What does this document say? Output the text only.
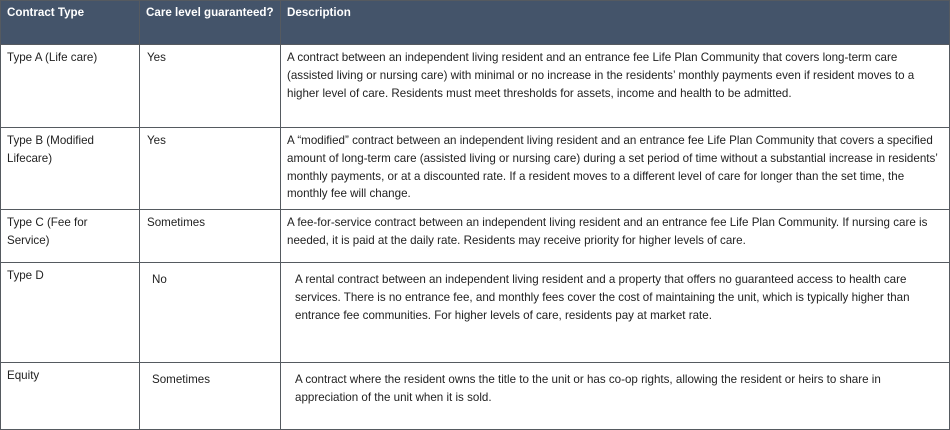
Contract Type	Care level guaranteed?	Description
Type A (Life care)	Yes	A contract between an independent living resident and an entrance fee Life Plan Community that covers long-term care (assisted living or nursing care) with minimal or no increase in the residents’ monthly payments even if resident moves to a higher level of care. Residents must meet thresholds for assets, income and health to be admitted.
Type B (Modified Lifecare)	Yes	A “modified” contract between an independent living resident and an entrance fee Life Plan Community that covers a specified amount of long-term care (assisted living or nursing care) during a set period of time without a substantial increase in residents’ monthly payments, or at a discounted rate. If a resident moves to a different level of care for longer than the set time, the monthly fee will change.
Type C (Fee for Service)	Sometimes	A fee-for-service contract between an independent living resident and an entrance fee Life Plan Community. If nursing care is needed, it is paid at the daily rate. Residents may receive priority for higher levels of care.
Type D	No	A rental contract between an independent living resident and a property that offers no guaranteed access to health care services. There is no entrance fee, and monthly fees cover the cost of maintaining the unit, which is typically higher than entrance fee communities. For higher levels of care, residents pay at market rate.
Equity	Sometimes	A contract where the resident owns the title to the unit or has co-op rights, allowing the resident or heirs to share in appreciation of the unit when it is sold.
